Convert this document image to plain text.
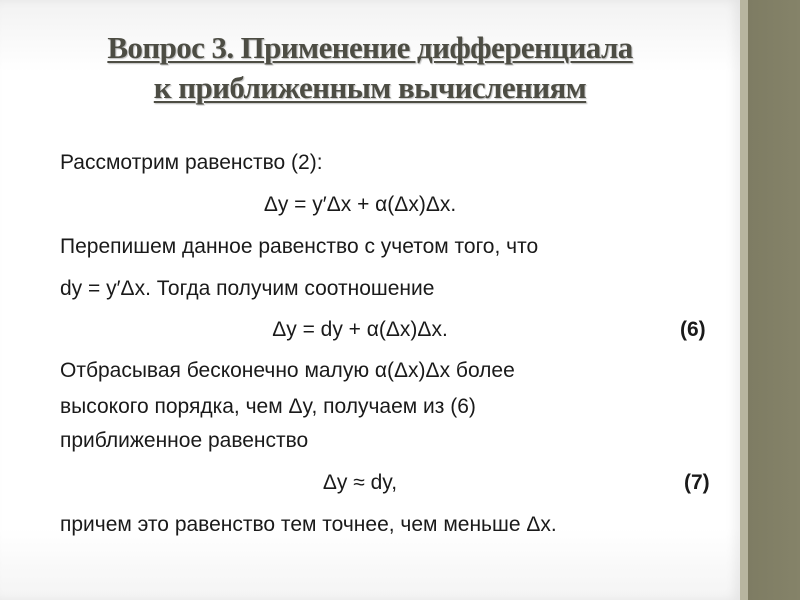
Вопрос 3. Применение дифференциала
к приближенным вычислениям
Рассмотрим равенство (2):
Δy = y′Δx + α(Δx)Δx.
Перепишем данное равенство с учетом того, что
dy = y′Δx. Тогда получим соотношение
Δy = dy + α(Δx)Δx.	(6)
Отбрасывая бесконечно малую α(Δx)Δx более
высокого порядка, чем Δy, получаем из (6)
приближенное равенство
Δy ≈ dy,	(7)
причем это равенство тем точнее, чем меньше Δx.
